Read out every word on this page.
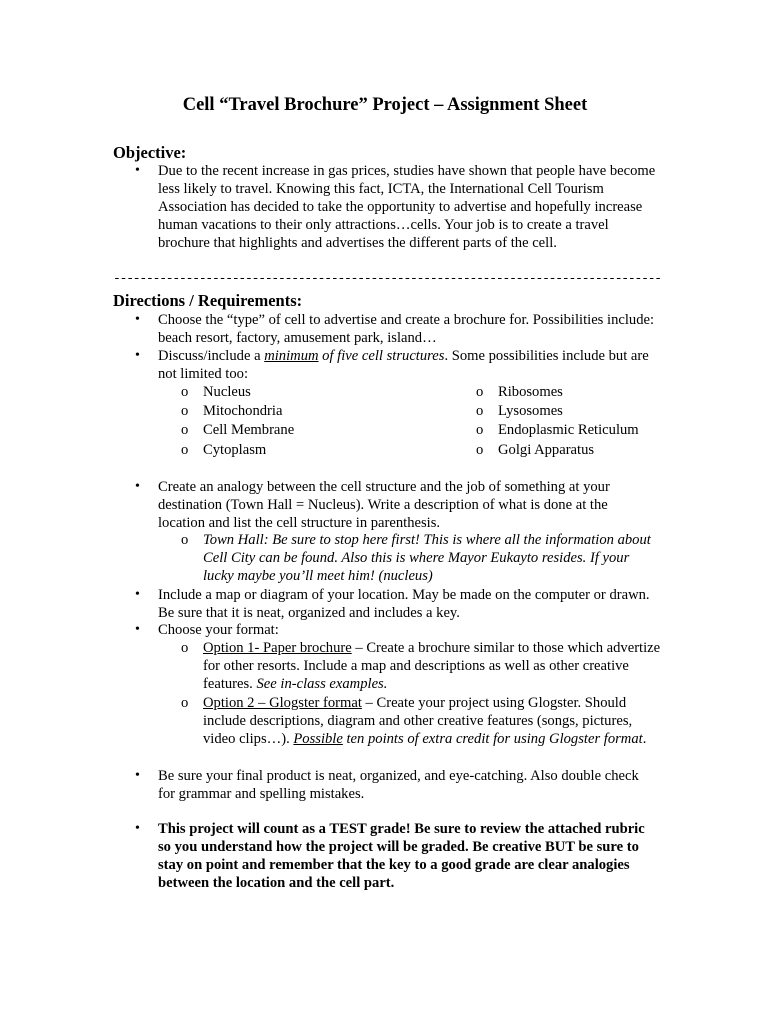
Cell “Travel Brochure” Project – Assignment Sheet
Objective:
• Due to the recent increase in gas prices, studies have shown that people have become less likely to travel. Knowing this fact, ICTA, the International Cell Tourism Association has decided to take the opportunity to advertise and hopefully increase human vacations to their only attractions…cells. Your job is to create a travel brochure that highlights and advertises the different parts of the cell.
-----------------------------------------------------------------------------------
Directions / Requirements:
• Choose the “type” of cell to advertise and create a brochure for. Possibilities include: beach resort, factory, amusement park, island…
• Discuss/include a minimum of five cell structures. Some possibilities include but are not limited too:
o Nucleus
o Mitochondria
o Cell Membrane
o Cytoplasm
o Ribosomes
o Lysosomes
o Endoplasmic Reticulum
o Golgi Apparatus
• Create an analogy between the cell structure and the job of something at your destination (Town Hall = Nucleus). Write a description of what is done at the location and list the cell structure in parenthesis.
o Town Hall: Be sure to stop here first! This is where all the information about Cell City can be found. Also this is where Mayor Eukayto resides. If your lucky maybe you’ll meet him! (nucleus)
• Include a map or diagram of your location. May be made on the computer or drawn. Be sure that it is neat, organized and includes a key.
• Choose your format:
o Option 1- Paper brochure – Create a brochure similar to those which advertize for other resorts. Include a map and descriptions as well as other creative features. See in-class examples.
o Option 2 – Glogster format – Create your project using Glogster. Should include descriptions, diagram and other creative features (songs, pictures, video clips…). Possible ten points of extra credit for using Glogster format.
• Be sure your final product is neat, organized, and eye-catching. Also double check for grammar and spelling mistakes.
• This project will count as a TEST grade! Be sure to review the attached rubric so you understand how the project will be graded. Be creative BUT be sure to stay on point and remember that the key to a good grade are clear analogies between the location and the cell part.
